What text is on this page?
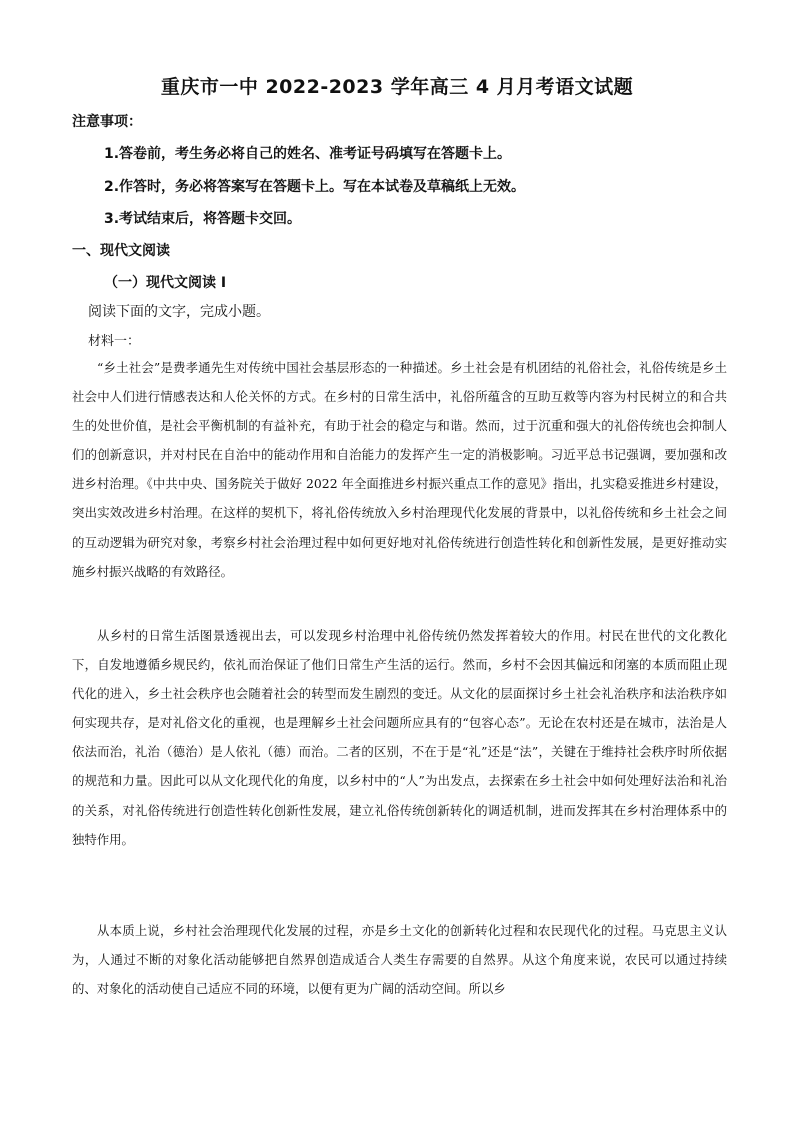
重庆市一中 2022-2023 学年高三 4 月月考语文试题
注意事项：
1.答卷前，考生务必将自己的姓名、准考证号码填写在答题卡上。
2.作答时，务必将答案写在答题卡上。写在本试卷及草稿纸上无效。
3.考试结束后，将答题卡交回。
一、现代文阅读
（一）现代文阅读 I
阅读下面的文字，完成小题。
材料一：

“乡土社会”是费孝通先生对传统中国社会基层形态的一种描述。乡土社会是有机团结的礼俗社会，礼俗传统是乡土社会中人们进行情感表达和人伦关怀的方式。在乡村的日常生活中，礼俗所蕴含的互助互救等内容为村民树立的和合共生的处世价值，是社会平衡机制的有益补充，有助于社会的稳定与和谐。然而，过于沉重和强大的礼俗传统也会抑制人们的创新意识，并对村民在自治中的能动作用和自治能力的发挥产生一定的消极影响。习近平总书记强调，要加强和改进乡村治理。《中共中央、国务院关于做好 2022 年全面推进乡村振兴重点工作的意见》指出，扎实稳妥推进乡村建设，突出实效改进乡村治理。在这样的契机下，将礼俗传统放入乡村治理现代化发展的背景中，以礼俗传统和乡土社会之间的互动逻辑为研究对象，考察乡村社会治理过程中如何更好地对礼俗传统进行创造性转化和创新性发展，是更好推动实施乡村振兴战略的有效路径。

从乡村的日常生活图景透视出去，可以发现乡村治理中礼俗传统仍然发挥着较大的作用。村民在世代的文化教化下，自发地遵循乡规民约，依礼而治保证了他们日常生产生活的运行。然而，乡村不会因其偏远和闭塞的本质而阻止现代化的进入，乡土社会秩序也会随着社会的转型而发生剧烈的变迁。从文化的层面探讨乡土社会礼治秩序和法治秩序如何实现共存，是对礼俗文化的重视，也是理解乡土社会问题所应具有的“包容心态”。无论在农村还是在城市，法治是人依法而治，礼治（德治）是人依礼（德）而治。二者的区别，不在于是“礼”还是“法”，关键在于维持社会秩序时所依据的规范和力量。因此可以从文化现代化的角度，以乡村中的“人”为出发点，去探索在乡土社会中如何处理好法治和礼治的关系，对礼俗传统进行创造性转化创新性发展，建立礼俗传统创新转化的调适机制，进而发挥其在乡村治理体系中的独特作用。

从本质上说，乡村社会治理现代化发展的过程，亦是乡土文化的创新转化过程和农民现代化的过程。马克思主义认为，人通过不断的对象化活动能够把自然界创造成适合人类生存需要的自然界。从这个角度来说，农民可以通过持续的、对象化的活动使自己适应不同的环境，以便有更为广阔的活动空间。所以乡
